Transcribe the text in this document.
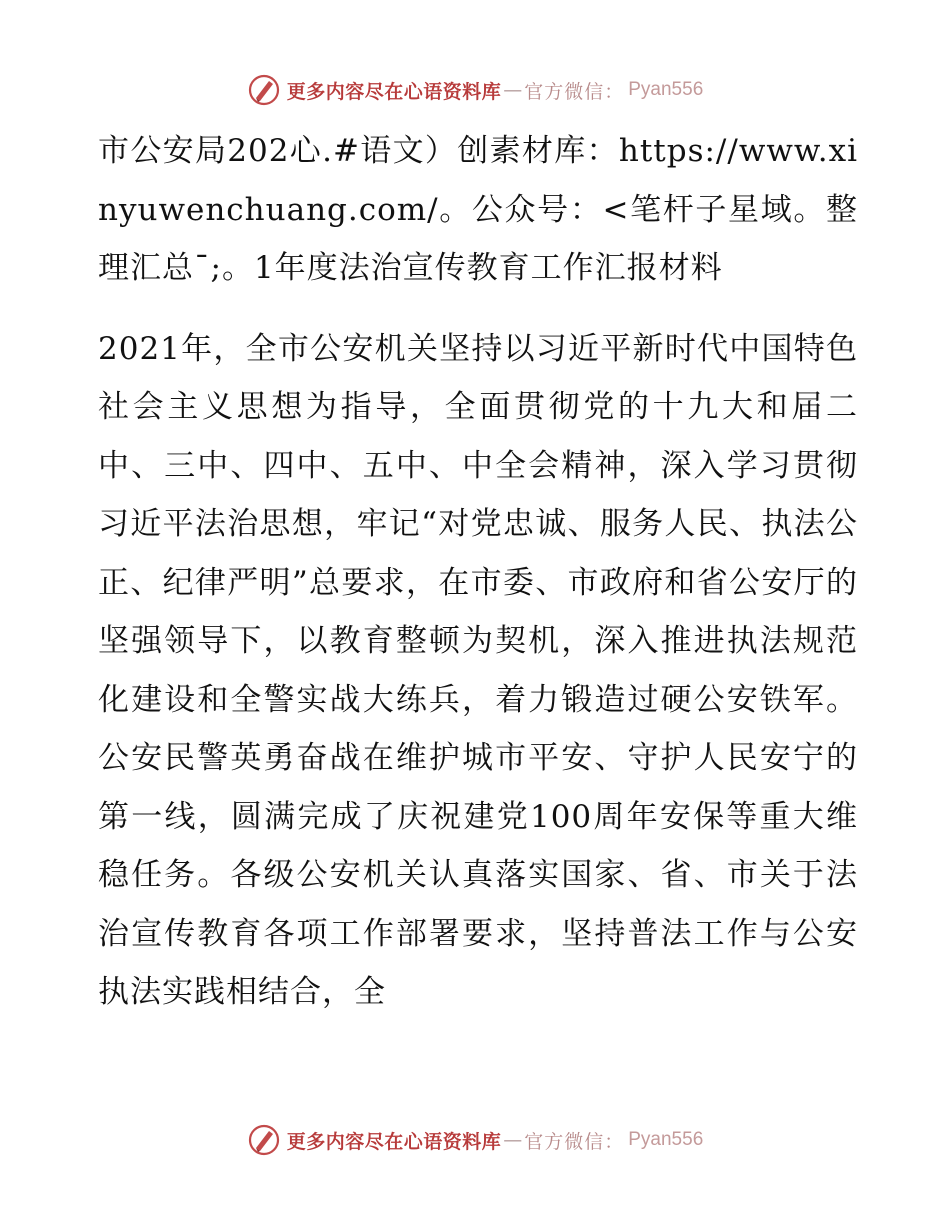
更多内容尽在心语资料库 — 官方微信： Pyan556

市公安局202心.#语文）创素材库：https://www.xinyuwenchuang.com/。公众号：<笔杆子星域。整理汇总¯;。1年度法治宣传教育工作汇报材料

2021年，全市公安机关坚持以习近平新时代中国特色社会主义思想为指导，全面贯彻党的十九大和届二中、三中、四中、五中、中全会精神，深入学习贯彻习近平法治思想，牢记“对党忠诚、服务人民、执法公正、纪律严明”总要求，在市委、市政府和省公安厅的坚强领导下，以教育整顿为契机，深入推进执法规范化建设和全警实战大练兵，着力锻造过硬公安铁军。公安民警英勇奋战在维护城市平安、守护人民安宁的第一线，圆满完成了庆祝建党100周年安保等重大维稳任务。各级公安机关认真落实国家、省、市关于法治宣传教育各项工作部署要求，坚持普法工作与公安执法实践相结合，全

更多内容尽在心语资料库 — 官方微信： Pyan556
